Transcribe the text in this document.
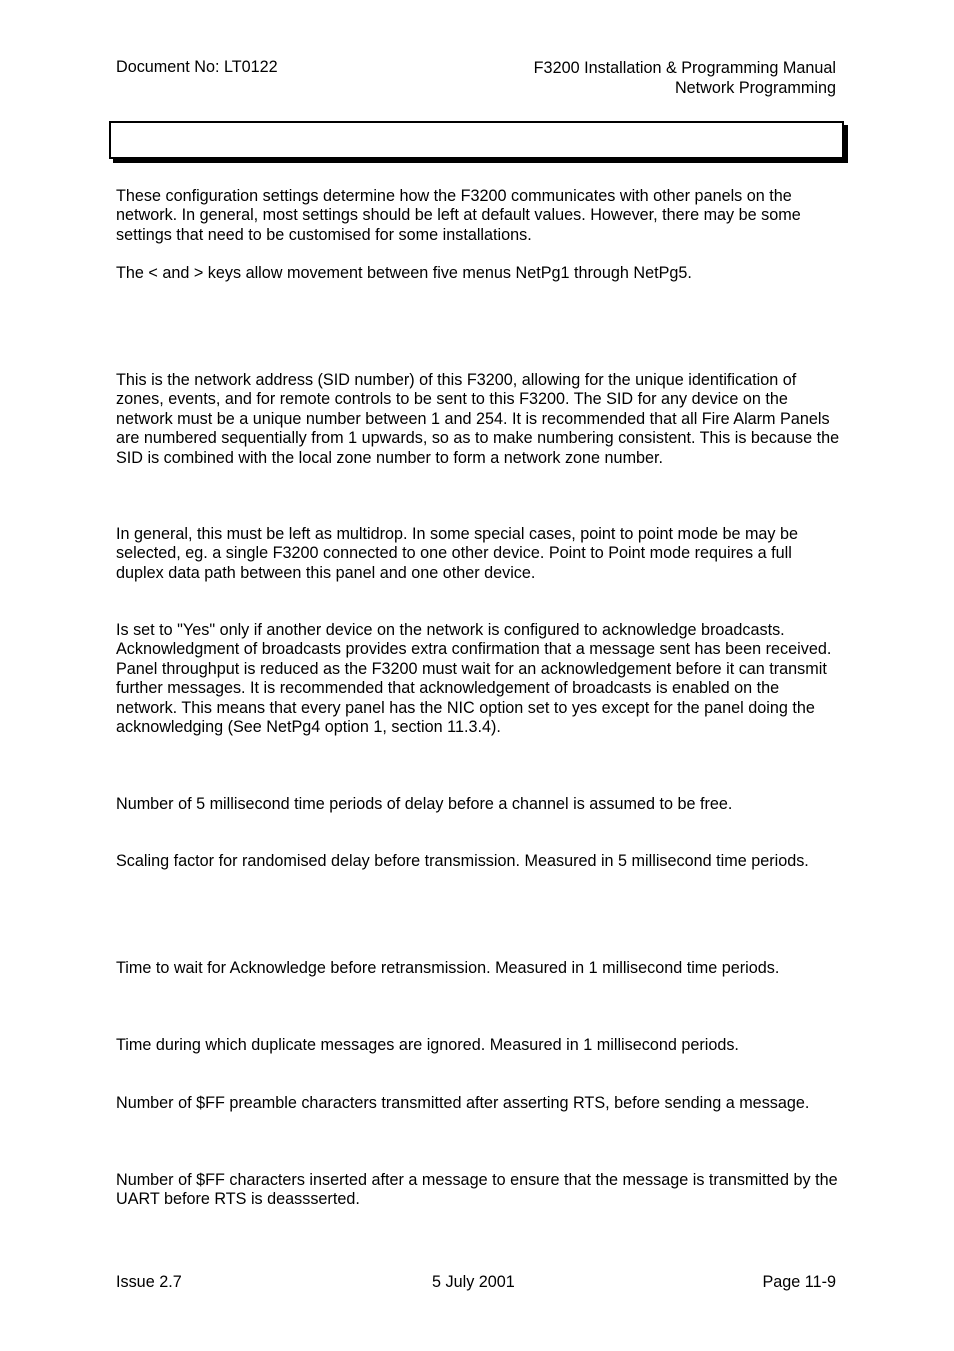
Document No: LT0122	F3200 Installation & Programming Manual
Network Programming
These configuration settings determine how the F3200 communicates with other panels on the network. In general, most settings should be left at default values. However, there may be some settings that need to be customised for some installations.
The < and > keys allow movement between five menus NetPg1 through NetPg5.
This is the network address (SID number) of this F3200, allowing for the unique identification of zones, events, and for remote controls to be sent to this F3200. The SID for any device on the network must be a unique number between 1 and 254. It is recommended that all Fire Alarm Panels are numbered sequentially from 1 upwards, so as to make numbering consistent. This is because the SID is combined with the local zone number to form a network zone number.
In general, this must be left as multidrop. In some special cases, point to point mode be may be selected, eg. a single F3200 connected to one other device. Point to Point mode requires a full duplex data path between this panel and one other device.
Is set to "Yes" only if another device on the network is configured to acknowledge broadcasts. Acknowledgment of broadcasts provides extra confirmation that a message sent has been received. Panel throughput is reduced as the F3200 must wait for an acknowledgement before it can transmit further messages. It is recommended that acknowledgement of broadcasts is enabled on the network. This means that every panel has the NIC option set to yes except for the panel doing the acknowledging (See NetPg4 option 1, section 11.3.4).
Number of 5 millisecond time periods of delay before a channel is assumed to be free.
Scaling factor for randomised delay before transmission. Measured in 5 millisecond time periods.
Time to wait for Acknowledge before retransmission. Measured in 1 millisecond time periods.
Time during which duplicate messages are ignored. Measured in 1 millisecond periods.
Number of $FF preamble characters transmitted after asserting RTS, before sending a message.
Number of $FF characters inserted after a message to ensure that the message is transmitted by the UART before RTS is deassserted.
Issue 2.7	5 July 2001	Page 11-9
